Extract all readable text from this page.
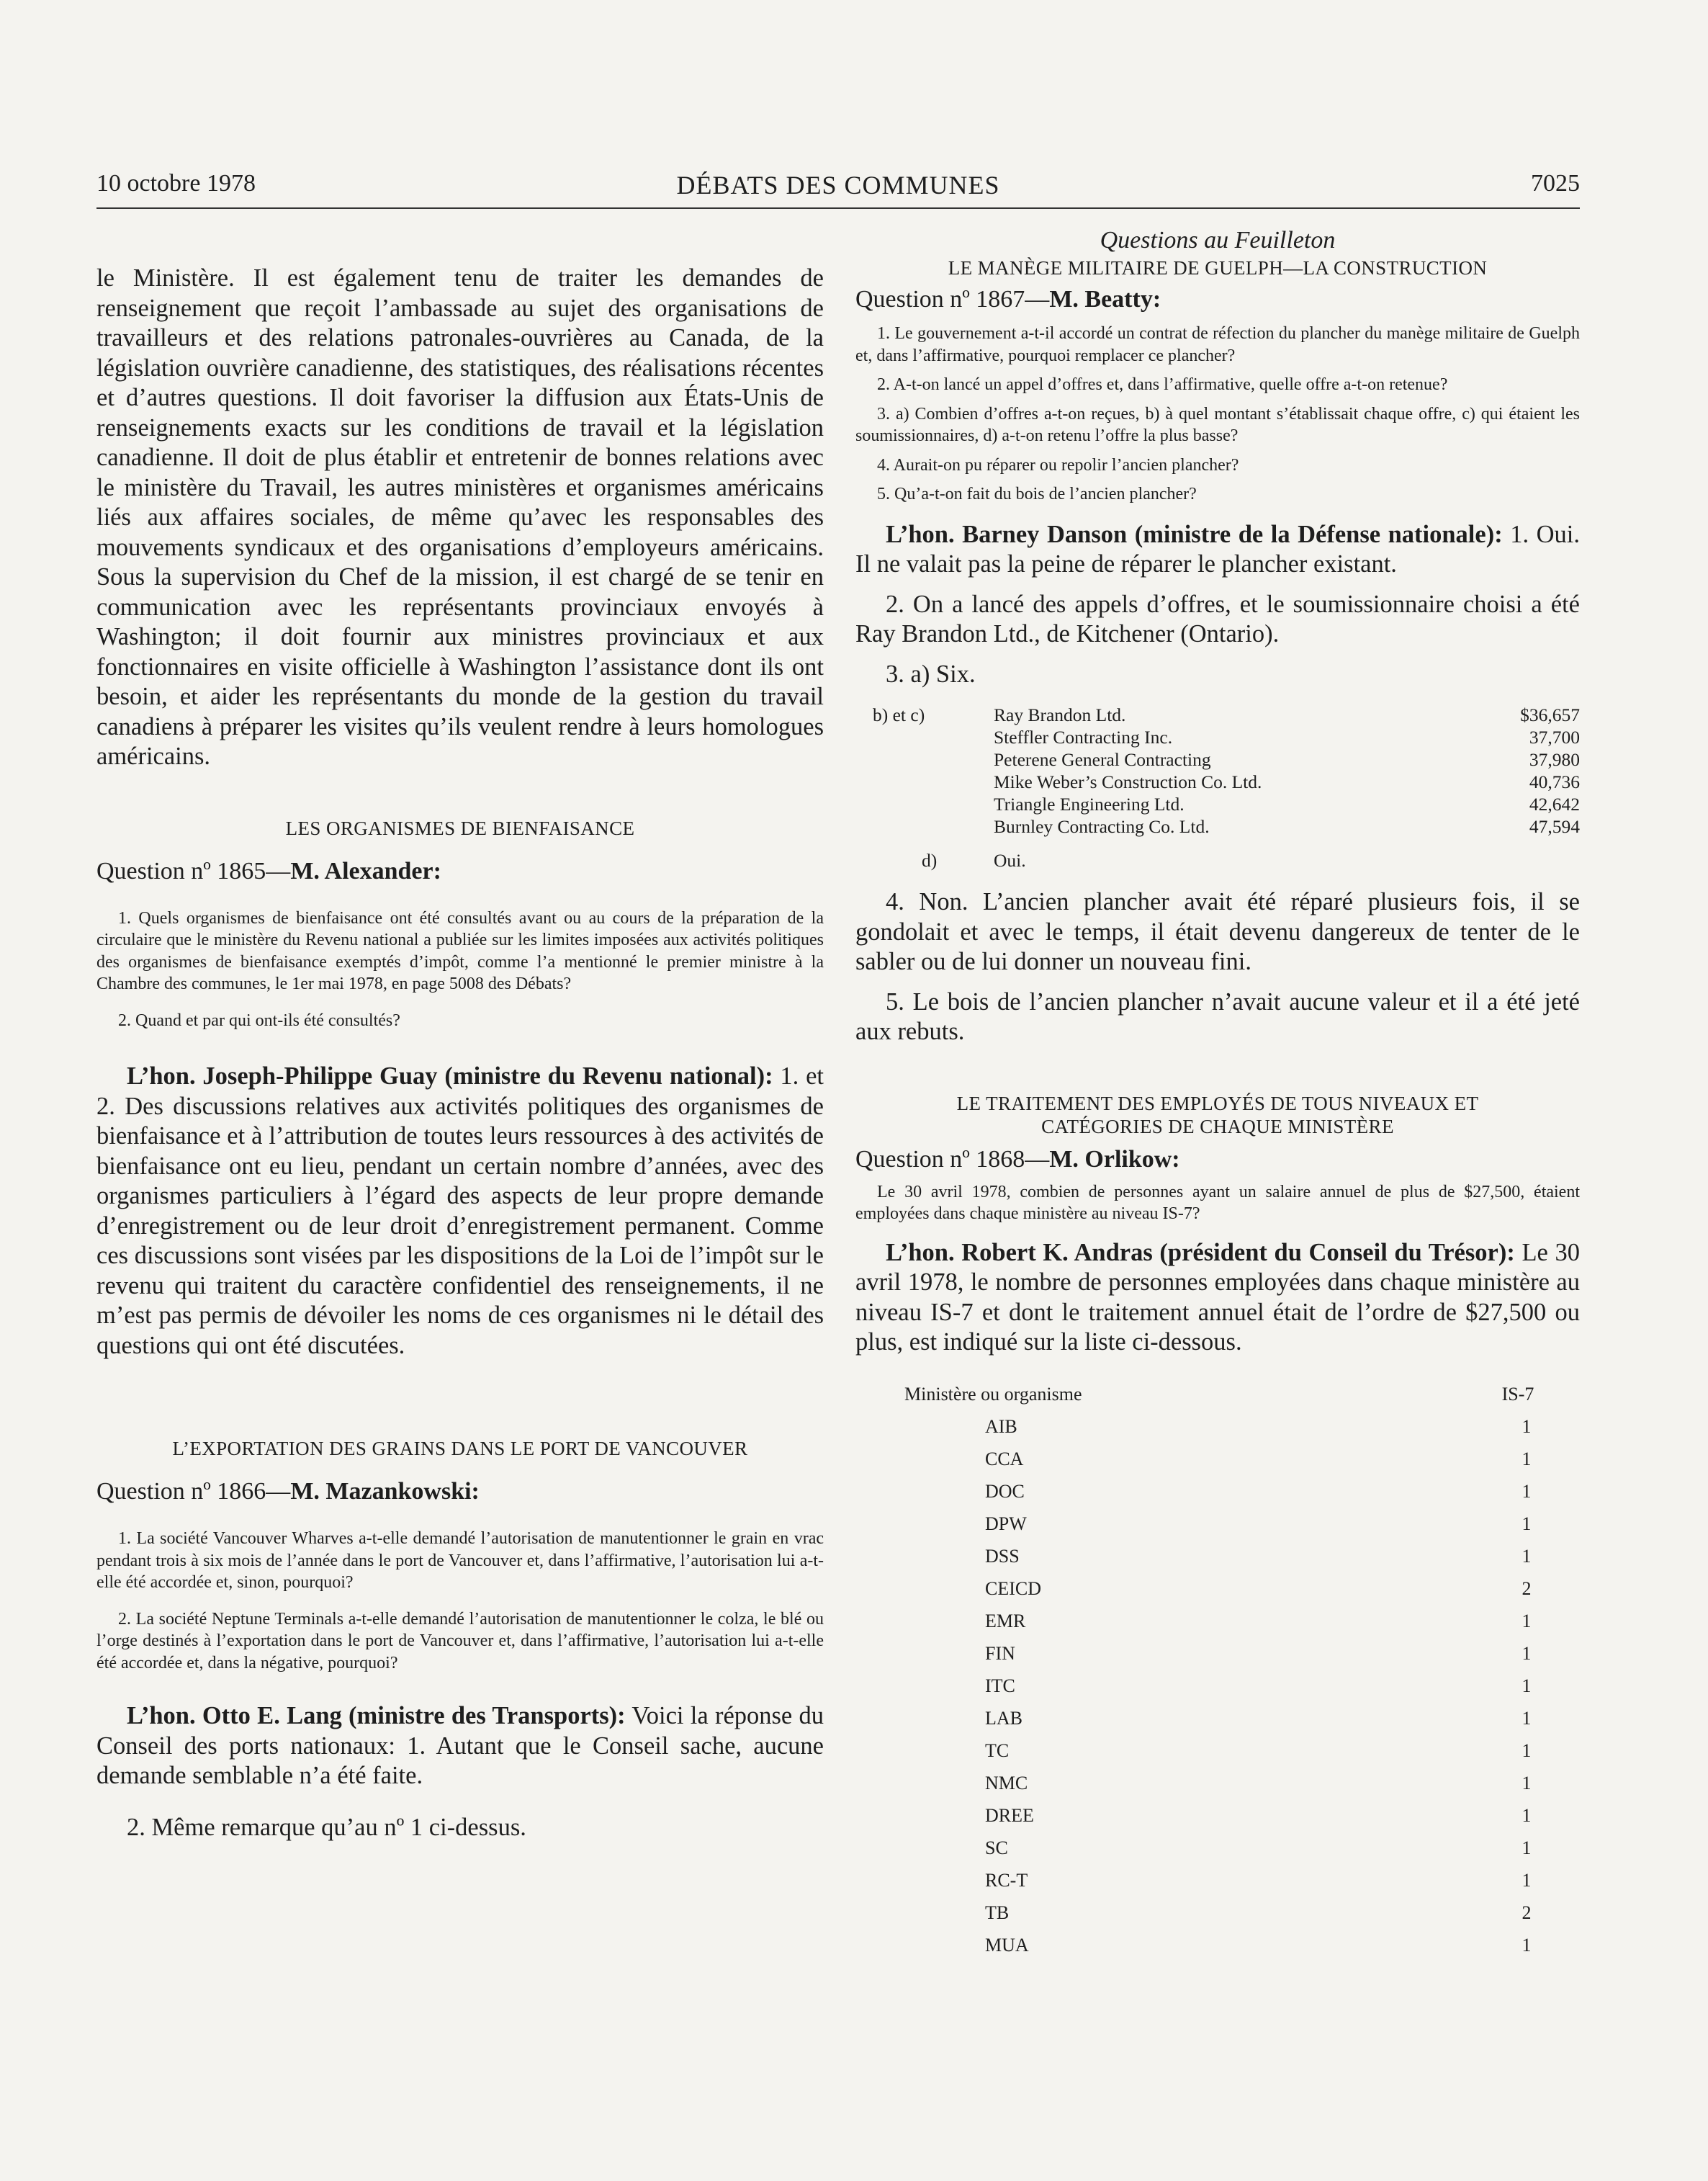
10 octobre 1978	DÉBATS DES COMMUNES	7025

le Ministère. Il est également tenu de traiter les demandes de renseignement que reçoit l’ambassade au sujet des organisations de travailleurs et des relations patronales-ouvrières au Canada, de la législation ouvrière canadienne, des statistiques, des réalisations récentes et d’autres questions. Il doit favoriser la diffusion aux États-Unis de renseignements exacts sur les conditions de travail et la législation canadienne. Il doit de plus établir et entretenir de bonnes relations avec le ministère du Travail, les autres ministères et organismes américains liés aux affaires sociales, de même qu’avec les responsables des mouvements syndicaux et des organisations d’employeurs américains. Sous la supervision du Chef de la mission, il est chargé de se tenir en communication avec les représentants provinciaux envoyés à Washington; il doit fournir aux ministres provinciaux et aux fonctionnaires en visite officielle à Washington l’assistance dont ils ont besoin, et aider les représentants du monde de la gestion du travail canadiens à préparer les visites qu’ils veulent rendre à leurs homologues américains.

LES ORGANISMES DE BIENFAISANCE

Question nº 1865—M. Alexander:

1. Quels organismes de bienfaisance ont été consultés avant ou au cours de la préparation de la circulaire que le ministère du Revenu national a publiée sur les limites imposées aux activités politiques des organismes de bienfaisance exemptés d’impôt, comme l’a mentionné le premier ministre à la Chambre des communes, le 1er mai 1978, en page 5008 des Débats?

2. Quand et par qui ont-ils été consultés?

L’hon. Joseph-Philippe Guay (ministre du Revenu national): 1. et 2. Des discussions relatives aux activités politiques des organismes de bienfaisance et à l’attribution de toutes leurs ressources à des activités de bienfaisance ont eu lieu, pendant un certain nombre d’années, avec des organismes particuliers à l’égard des aspects de leur propre demande d’enregistrement ou de leur droit d’enregistrement permanent. Comme ces discussions sont visées par les dispositions de la Loi de l’impôt sur le revenu qui traitent du caractère confidentiel des renseignements, il ne m’est pas permis de dévoiler les noms de ces organismes ni le détail des questions qui ont été discutées.

L’EXPORTATION DES GRAINS DANS LE PORT DE VANCOUVER

Question nº 1866—M. Mazankowski:

1. La société Vancouver Wharves a-t-elle demandé l’autorisation de manutentionner le grain en vrac pendant trois à six mois de l’année dans le port de Vancouver et, dans l’affirmative, l’autorisation lui a-t-elle été accordée et, sinon, pourquoi?

2. La société Neptune Terminals a-t-elle demandé l’autorisation de manutentionner le colza, le blé ou l’orge destinés à l’exportation dans le port de Vancouver et, dans l’affirmative, l’autorisation lui a-t-elle été accordée et, dans la négative, pourquoi?

L’hon. Otto E. Lang (ministre des Transports): Voici la réponse du Conseil des ports nationaux: 1. Autant que le Conseil sache, aucune demande semblable n’a été faite.

2. Même remarque qu’au nº 1 ci-dessus.

Questions au Feuilleton

LE MANÈGE MILITAIRE DE GUELPH—LA CONSTRUCTION

Question nº 1867—M. Beatty:

1. Le gouvernement a-t-il accordé un contrat de réfection du plancher du manège militaire de Guelph et, dans l’affirmative, pourquoi remplacer ce plancher?

2. A-t-on lancé un appel d’offres et, dans l’affirmative, quelle offre a-t-on retenue?

3. a) Combien d’offres a-t-on reçues, b) à quel montant s’établissait chaque offre, c) qui étaient les soumissionnaires, d) a-t-on retenu l’offre la plus basse?

4. Aurait-on pu réparer ou repolir l’ancien plancher?

5. Qu’a-t-on fait du bois de l’ancien plancher?

L’hon. Barney Danson (ministre de la Défense nationale): 1. Oui. Il ne valait pas la peine de réparer le plancher existant.

2. On a lancé des appels d’offres, et le soumissionnaire choisi a été Ray Brandon Ltd., de Kitchener (Ontario).

3. a) Six.

b) et c)	Ray Brandon Ltd.	$36,657
Steffler Contracting Inc.	37,700
Peterene General Contracting	37,980
Mike Weber’s Construction Co. Ltd.	40,736
Triangle Engineering Ltd.	42,642
Burnley Contracting Co. Ltd.	47,594
d)	Oui.

4. Non. L’ancien plancher avait été réparé plusieurs fois, il se gondolait et avec le temps, il était devenu dangereux de tenter de le sabler ou de lui donner un nouveau fini.

5. Le bois de l’ancien plancher n’avait aucune valeur et il a été jeté aux rebuts.

LE TRAITEMENT DES EMPLOYÉS DE TOUS NIVEAUX ET
CATÉGORIES DE CHAQUE MINISTÈRE

Question nº 1868—M. Orlikow:

Le 30 avril 1978, combien de personnes ayant un salaire annuel de plus de $27,500, étaient employées dans chaque ministère au niveau IS-7?

L’hon. Robert K. Andras (président du Conseil du Trésor): Le 30 avril 1978, le nombre de personnes employées dans chaque ministère au niveau IS-7 et dont le traitement annuel était de l’ordre de $27,500 ou plus, est indiqué sur la liste ci-dessous.

Ministère ou organisme	IS-7
AIB	1
CCA	1
DOC	1
DPW	1
DSS	1
CEICD	2
EMR	1
FIN	1
ITC	1
LAB	1
TC	1
NMC	1
DREE	1
SC	1
RC-T	1
TB	2
MUA	1
